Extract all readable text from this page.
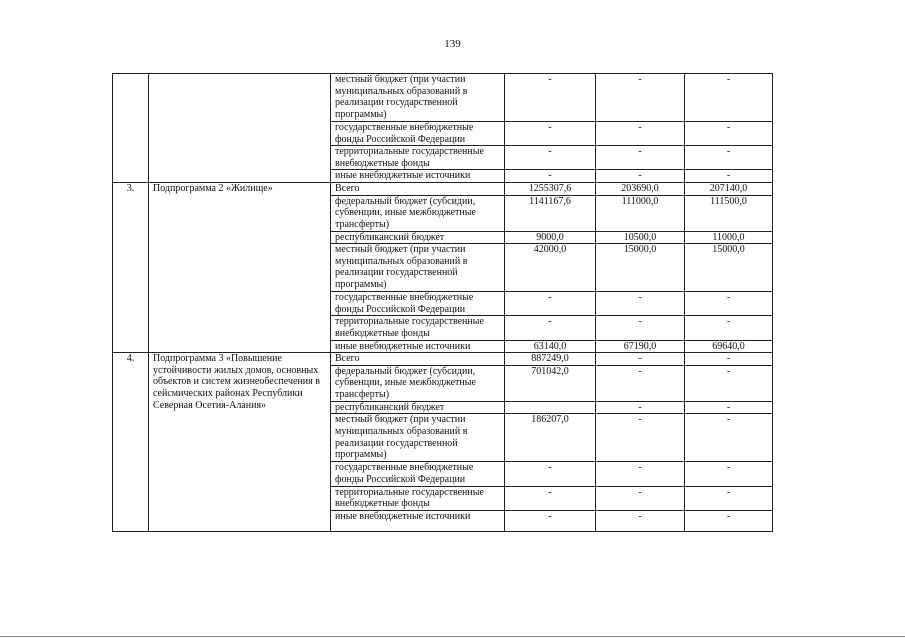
139
		местный бюджет (при участии муниципальных образований в реализации государственной программы)	-	-	-
		государственные внебюджетные фонды Российской Федерации	-	-	-
		территориальные государственные внебюджетные фонды	-	-	-
		иные внебюджетные источники	-	-	-
3.	Подпрограмма 2 «Жилище»	Всего	1255307,6	203690,0	207140,0
		федеральный бюджет (субсидии, субвенции, иные межбюджетные трансферты)	1141167,6	111000,0	111500,0
		республиканский бюджет	9000,0	10500,0	11000,0
		местный бюджет (при участии муниципальных образований в реализации государственной программы)	42000,0	15000,0	15000,0
		государственные внебюджетные фонды Российской Федерации	-	-	-
		территориальные государственные внебюджетные фонды	-	-	-
		иные внебюджетные источники	63140,0	67190,0	69640,0
4.	Подпрограмма 3 «Повышение устойчивости жилых домов, основных объектов и систем жизнеобеспечения в сейсмических районах Республики Северная Осетия-Алания»	Всего	887249,0	-	-
		федеральный бюджет (субсидии, субвенции, иные межбюджетные трансферты)	701042,0	-	-
		республиканский бюджет		-	-
		местный бюджет (при участии муниципальных образований в реализации государственной программы)	186207,0	-	-
		государственные внебюджетные фонды Российской Федерации	-	-	-
		территориальные государственные внебюджетные фонды	-	-	-
		иные внебюджетные источники	-	-	-
